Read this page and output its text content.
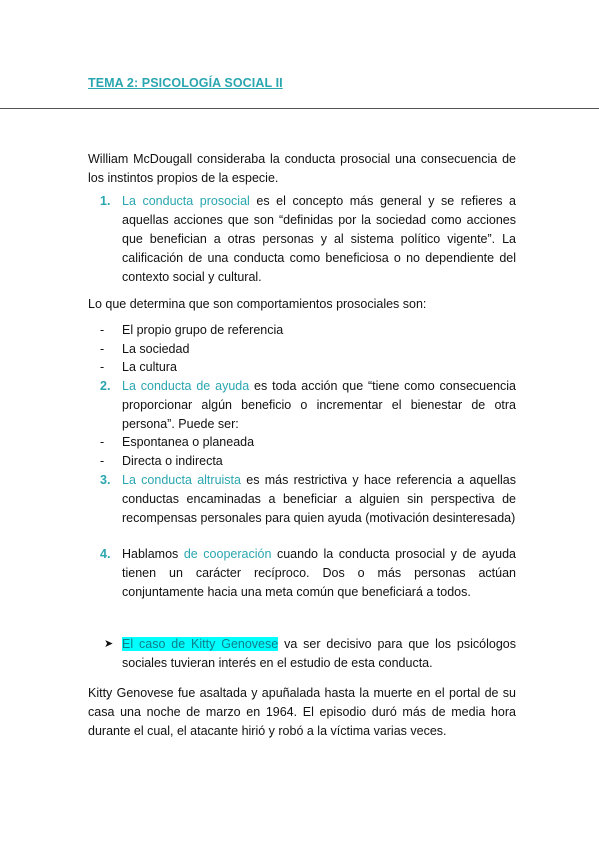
TEMA 2: PSICOLOGÍA SOCIAL II
William McDougall consideraba la conducta prosocial una consecuencia de los instintos propios de la especie.
1. La conducta prosocial es el concepto más general y se refieres a aquellas acciones que son “definidas por la sociedad como acciones que benefician a otras personas y al sistema político vigente”. La calificación de una conducta como beneficiosa o no dependiente del contexto social y cultural.
Lo que determina que son comportamientos prosociales son:
- El propio grupo de referencia
- La sociedad
- La cultura
2. La conducta de ayuda es toda acción que “tiene como consecuencia proporcionar algún beneficio o incrementar el bienestar de otra persona”. Puede ser:
- Espontanea o planeada
- Directa o indirecta
3. La conducta altruista es más restrictiva y hace referencia a aquellas conductas encaminadas a beneficiar a alguien sin perspectiva de recompensas personales para quien ayuda (motivación desinteresada)
4. Hablamos de cooperación cuando la conducta prosocial y de ayuda tienen un carácter recíproco. Dos o más personas actúan conjuntamente hacia una meta común que beneficiará a todos.
➤ El caso de Kitty Genovese va ser decisivo para que los psicólogos sociales tuvieran interés en el estudio de esta conducta.
Kitty Genovese fue asaltada y apuñalada hasta la muerte en el portal de su casa una noche de marzo en 1964. El episodio duró más de media hora durante el cual, el atacante hirió y robó a la víctima varias veces.
